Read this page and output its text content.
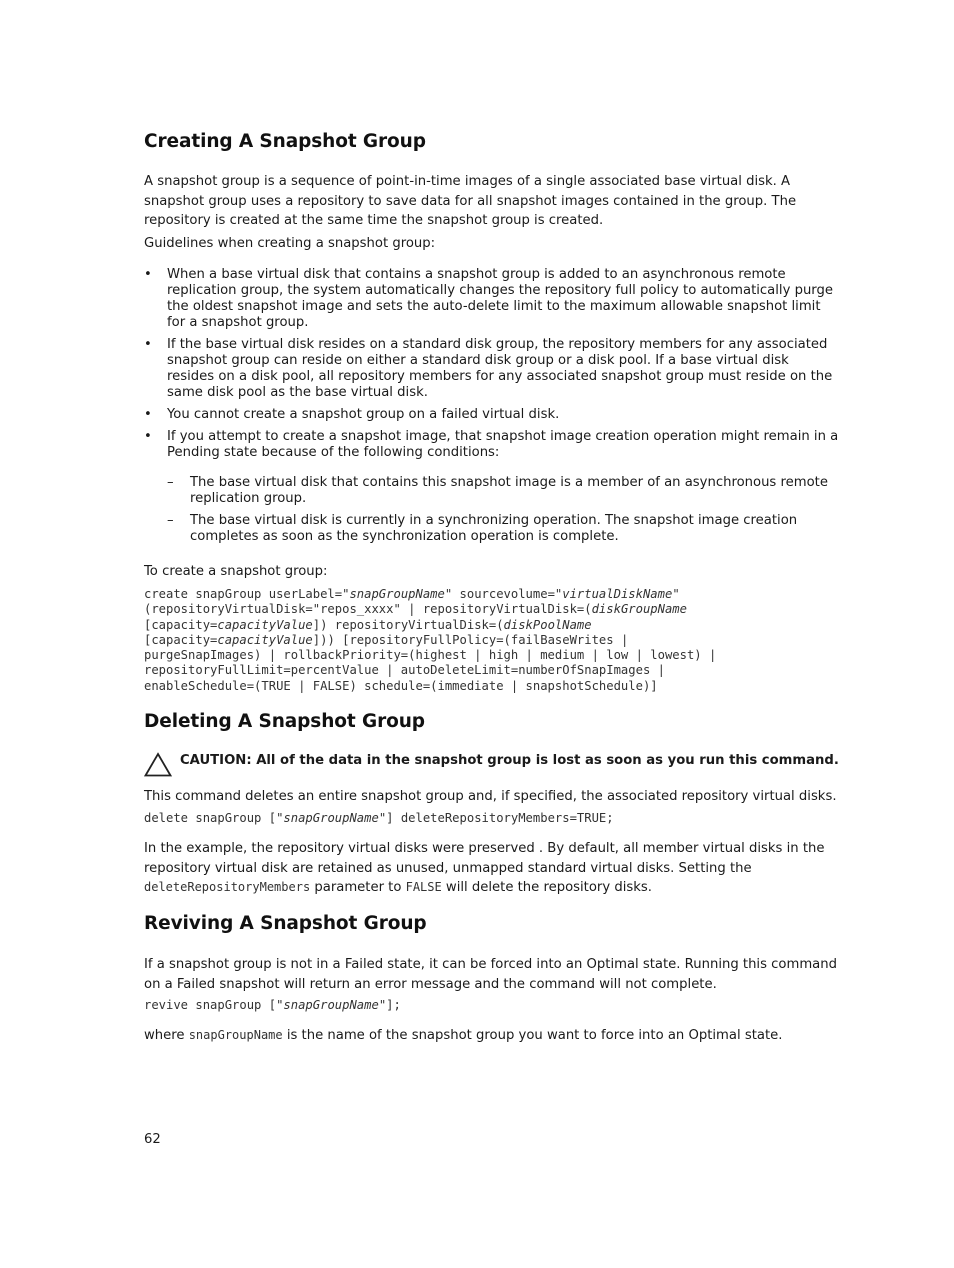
Creating A Snapshot Group

A snapshot group is a sequence of point-in-time images of a single associated base virtual disk. A
snapshot group uses a repository to save data for all snapshot images contained in the group. The
repository is created at the same time the snapshot group is created.

Guidelines when creating a snapshot group:

• When a base virtual disk that contains a snapshot group is added to an asynchronous remote replication group, the system automatically changes the repository full policy to automatically purge the oldest snapshot image and sets the auto-delete limit to the maximum allowable snapshot limit for a snapshot group.
• If the base virtual disk resides on a standard disk group, the repository members for any associated snapshot group can reside on either a standard disk group or a disk pool. If a base virtual disk resides on a disk pool, all repository members for any associated snapshot group must reside on the same disk pool as the base virtual disk.
• You cannot create a snapshot group on a failed virtual disk.
• If you attempt to create a snapshot image, that snapshot image creation operation might remain in a Pending state because of the following conditions:
– The base virtual disk that contains this snapshot image is a member of an asynchronous remote replication group.
– The base virtual disk is currently in a synchronizing operation. The snapshot image creation completes as soon as the synchronization operation is complete.

To create a snapshot group:

create snapGroup userLabel="snapGroupName" sourcevolume="virtualDiskName"
(repositoryVirtualDisk="repos_xxxx" | repositoryVirtualDisk=(diskGroupName
[capacity=capacityValue]) repositoryVirtualDisk=(diskPoolName
[capacity=capacityValue])) [repositoryFullPolicy=(failBaseWrites |
purgeSnapImages) | rollbackPriority=(highest | high | medium | low | lowest) |
repositoryFullLimit=percentValue | autoDeleteLimit=numberOfSnapImages |
enableSchedule=(TRUE | FALSE) schedule=(immediate | snapshotSchedule)]
Deleting A Snapshot Group
CAUTION: All of the data in the snapshot group is lost as soon as you run this command.

This command deletes an entire snapshot group and, if specified, the associated repository virtual disks.

delete snapGroup ["snapGroupName"] deleteRepositoryMembers=TRUE;

In the example, the repository virtual disks were preserved . By default, all member virtual disks in the
repository virtual disk are retained as unused, unmapped standard virtual disks. Setting the
deleteRepositoryMembers parameter to FALSE will delete the repository disks.

Reviving A Snapshot Group

If a snapshot group is not in a Failed state, it can be forced into an Optimal state. Running this command
on a Failed snapshot will return an error message and the command will not complete.

revive snapGroup ["snapGroupName"];

where snapGroupName is the name of the snapshot group you want to force into an Optimal state.

62
